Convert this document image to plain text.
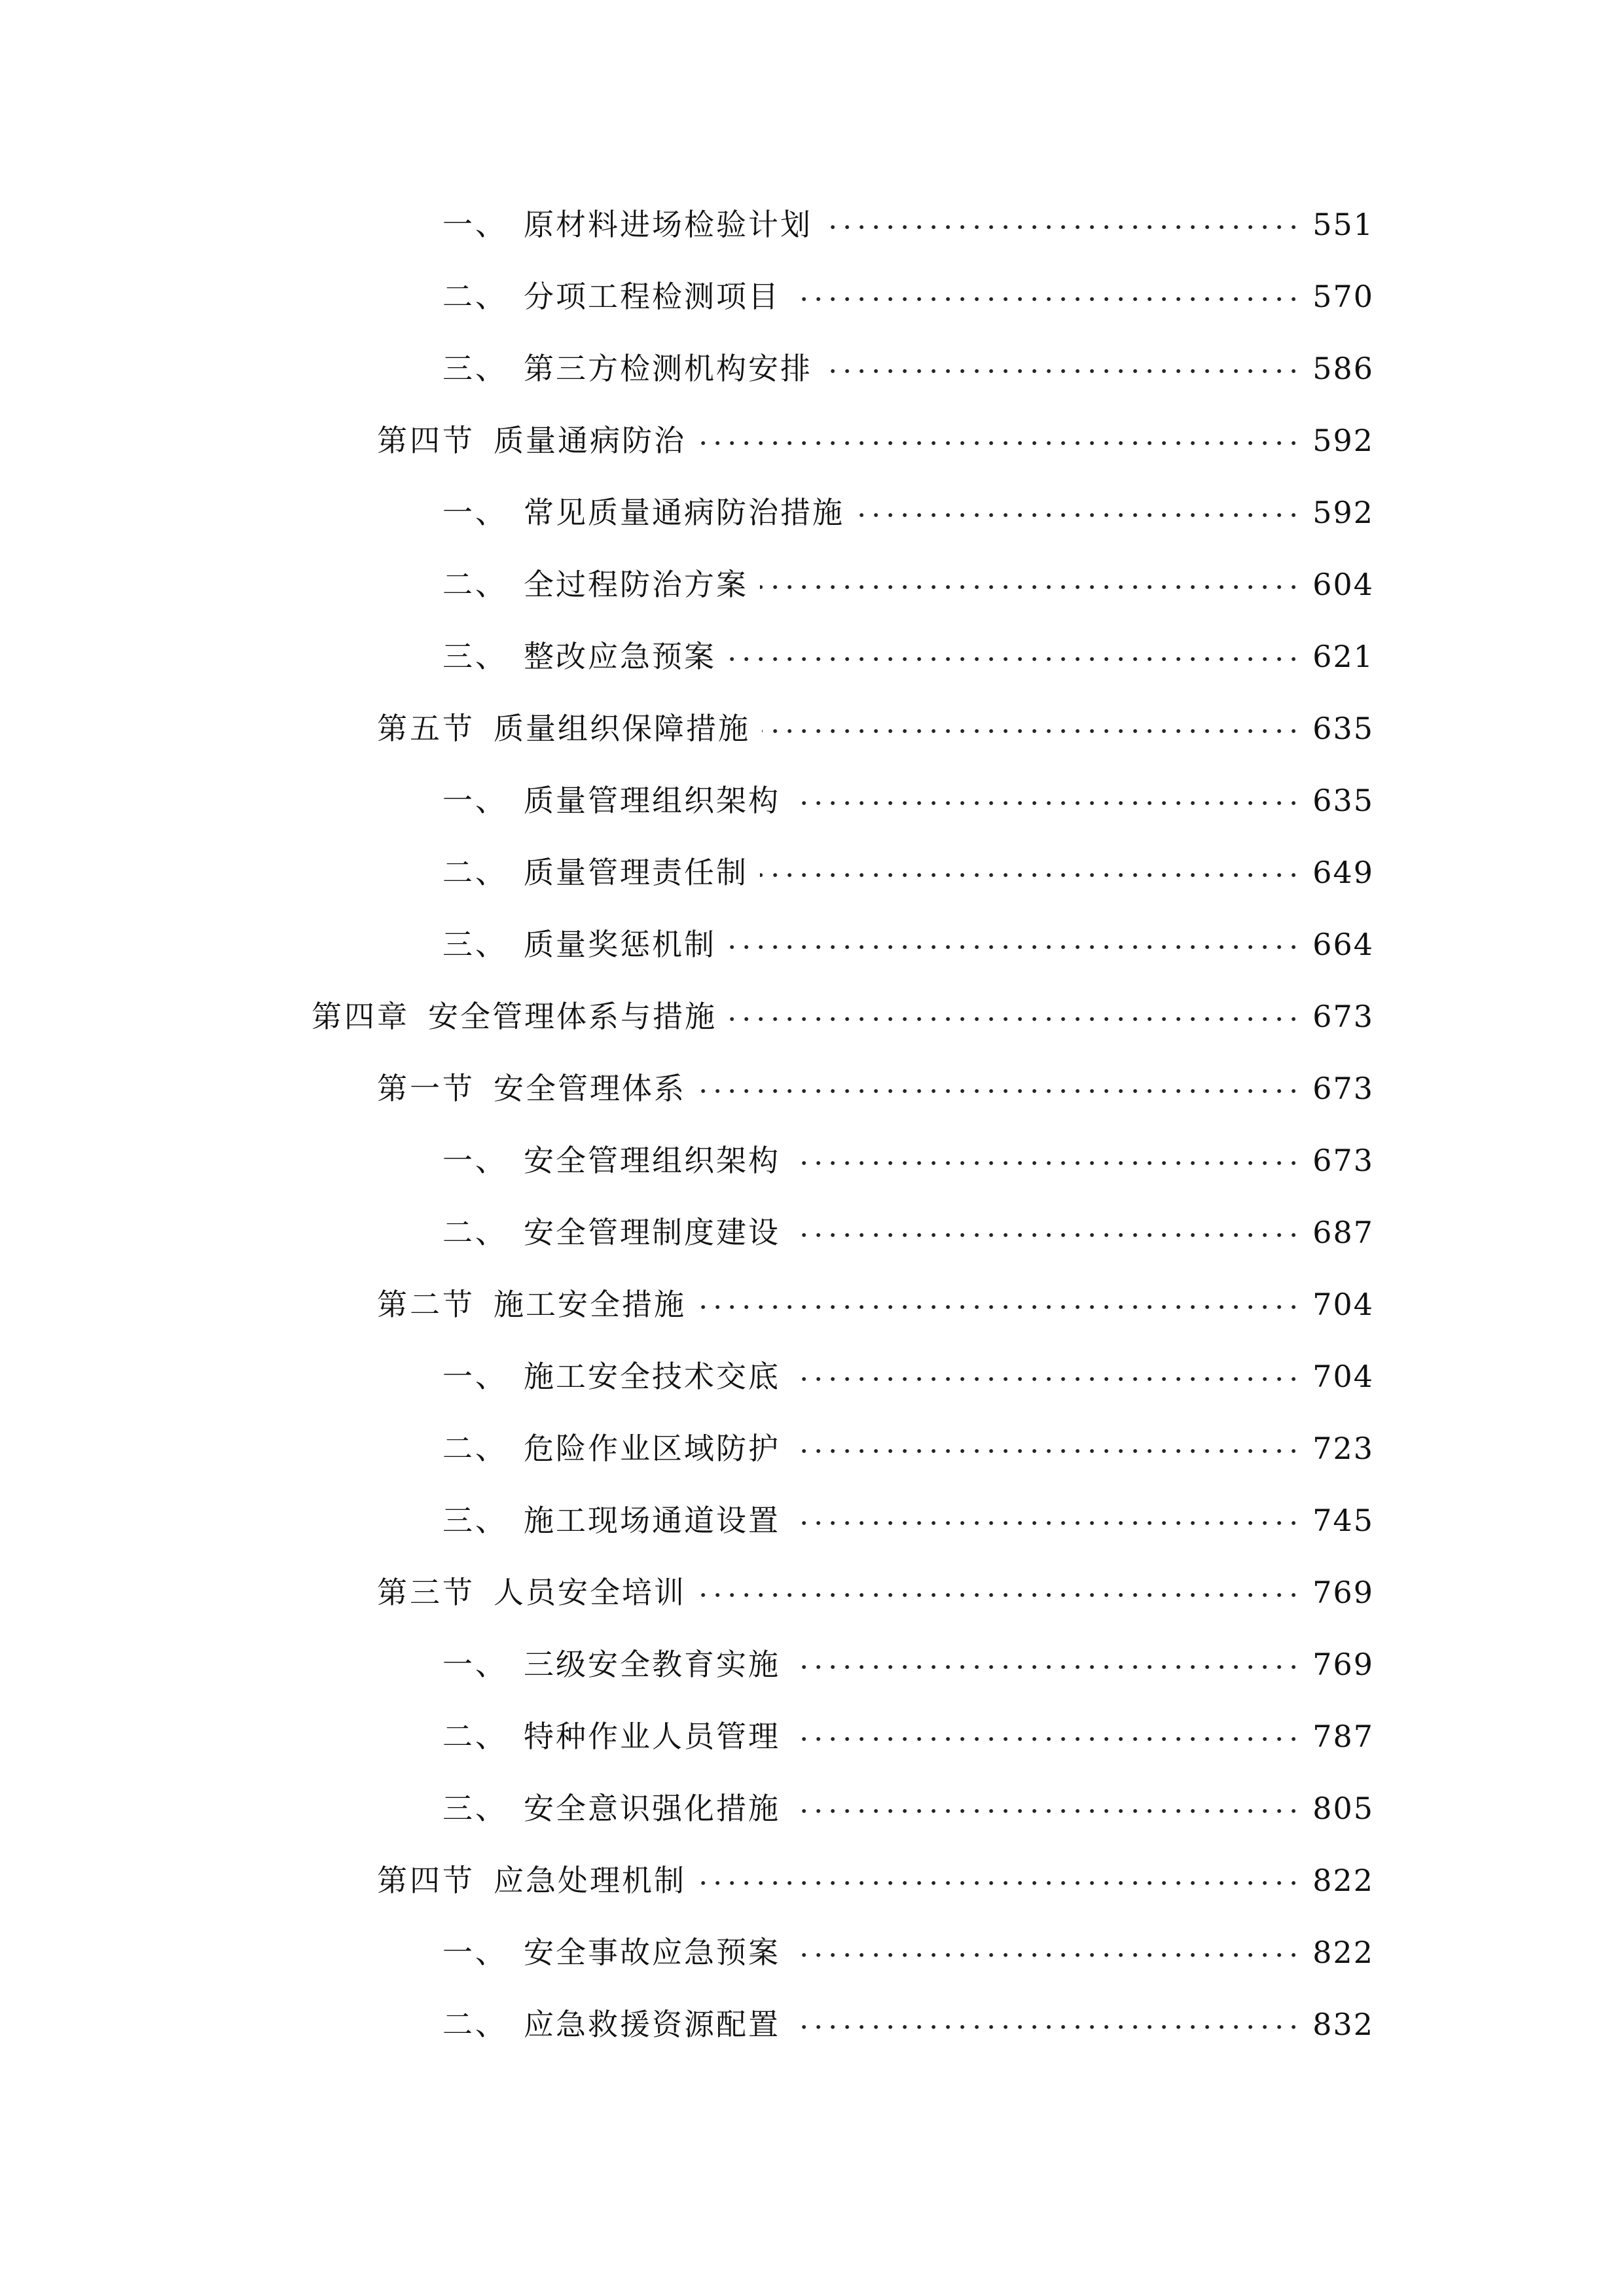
一、 原材料进场检验计划	551
二、 分项工程检测项目	570
三、 第三方检测机构安排	586
第四节 质量通病防治	592
一、 常见质量通病防治措施	592
二、 全过程防治方案	604
三、 整改应急预案	621
第五节 质量组织保障措施	635
一、 质量管理组织架构	635
二、 质量管理责任制	649
三、 质量奖惩机制	664
第四章 安全管理体系与措施	673
第一节 安全管理体系	673
一、 安全管理组织架构	673
二、 安全管理制度建设	687
第二节 施工安全措施	704
一、 施工安全技术交底	704
二、 危险作业区域防护	723
三、 施工现场通道设置	745
第三节 人员安全培训	769
一、 三级安全教育实施	769
二、 特种作业人员管理	787
三、 安全意识强化措施	805
第四节 应急处理机制	822
一、 安全事故应急预案	822
二、 应急救援资源配置	832
